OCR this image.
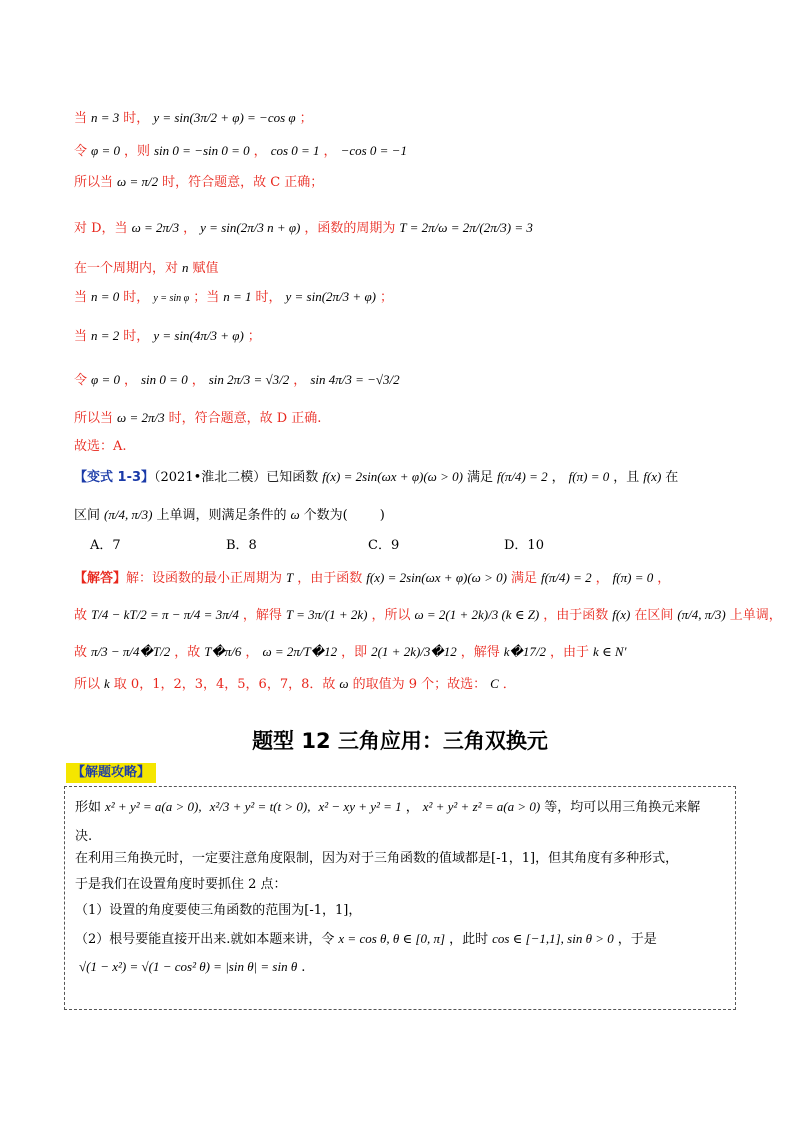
当 n = 3 时， y = sin(3π/2 + φ) = −cos φ ；
令 φ = 0 ，则 sin 0 = −sin 0 = 0 ， cos 0 = 1 ， −cos 0 = −1
所以当 ω = π/2 时，符合题意，故 C 正确；
对 D，当 ω = 2π/3 ， y = sin(2π/3 n + φ) ，函数的周期为 T = 2π/ω = 2π/(2π/3) = 3
在一个周期内，对 n 赋值
当 n = 0 时， y = sin φ ；当 n = 1 时， y = sin(2π/3 + φ) ；
当 n = 2 时， y = sin(4π/3 + φ) ；
令 φ = 0 ， sin 0 = 0 ， sin 2π/3 = √3/2 ， sin 4π/3 = −√3/2
所以当 ω = 2π/3 时，符合题意，故 D 正确.
故选：A.
【变式 1-3】（2021•淮北二模）已知函数 f(x) = 2sin(ωx + φ)(ω > 0) 满足 f(π/4) = 2 ， f(π) = 0 ，且 f(x) 在
区间 (π/4, π/3) 上单调，则满足条件的 ω 个数为( )
A．7	B．8	C．9	D．10
【解答】解：设函数的最小正周期为 T ，由于函数 f(x) = 2sin(ωx + φ)(ω > 0) 满足 f(π/4) = 2 ， f(π) = 0 ，
故 T/4 − kT/2 = π − π/4 = 3π/4 ，解得 T = 3π/(1 + 2k) ，所以 ω = 2(1 + 2k)/3 (k ∈ Z) ，由于函数 f(x) 在区间 (π/4, π/3) 上单调，
故 π/3 − π/4�T/2 ，故 T�π/6 ， ω = 2π/T�12 ，即 2(1 + 2k)/3�12 ，解得 k�17/2 ，由于 k ∈ N'
所以 k 取 0，1，2，3，4，5，6，7，8．故 ω 的取值为 9 个；故选： C ．
题型 12 三角应用：三角双换元
【解题攻略】
形如 x² + y² = a(a > 0), x²/3 + y² = t(t > 0), x² − xy + y² = 1 ， x² + y² + z² = a(a > 0) 等，均可以用三角换元来解
决.
在利用三角换元时，一定要注意角度限制，因为对于三角函数的值域都是[-1，1]，但其角度有多种形式，
于是我们在设置角度时要抓住 2 点：
（1）设置的角度要使三角函数的范围为[-1，1]，
（2）根号要能直接开出来.就如本题来讲，令 x = cos θ, θ ∈ [0, π] ，此时 cos ∈ [−1,1], sin θ > 0 ，于是
√(1 − x²) = √(1 − cos² θ) = |sin θ| = sin θ .
